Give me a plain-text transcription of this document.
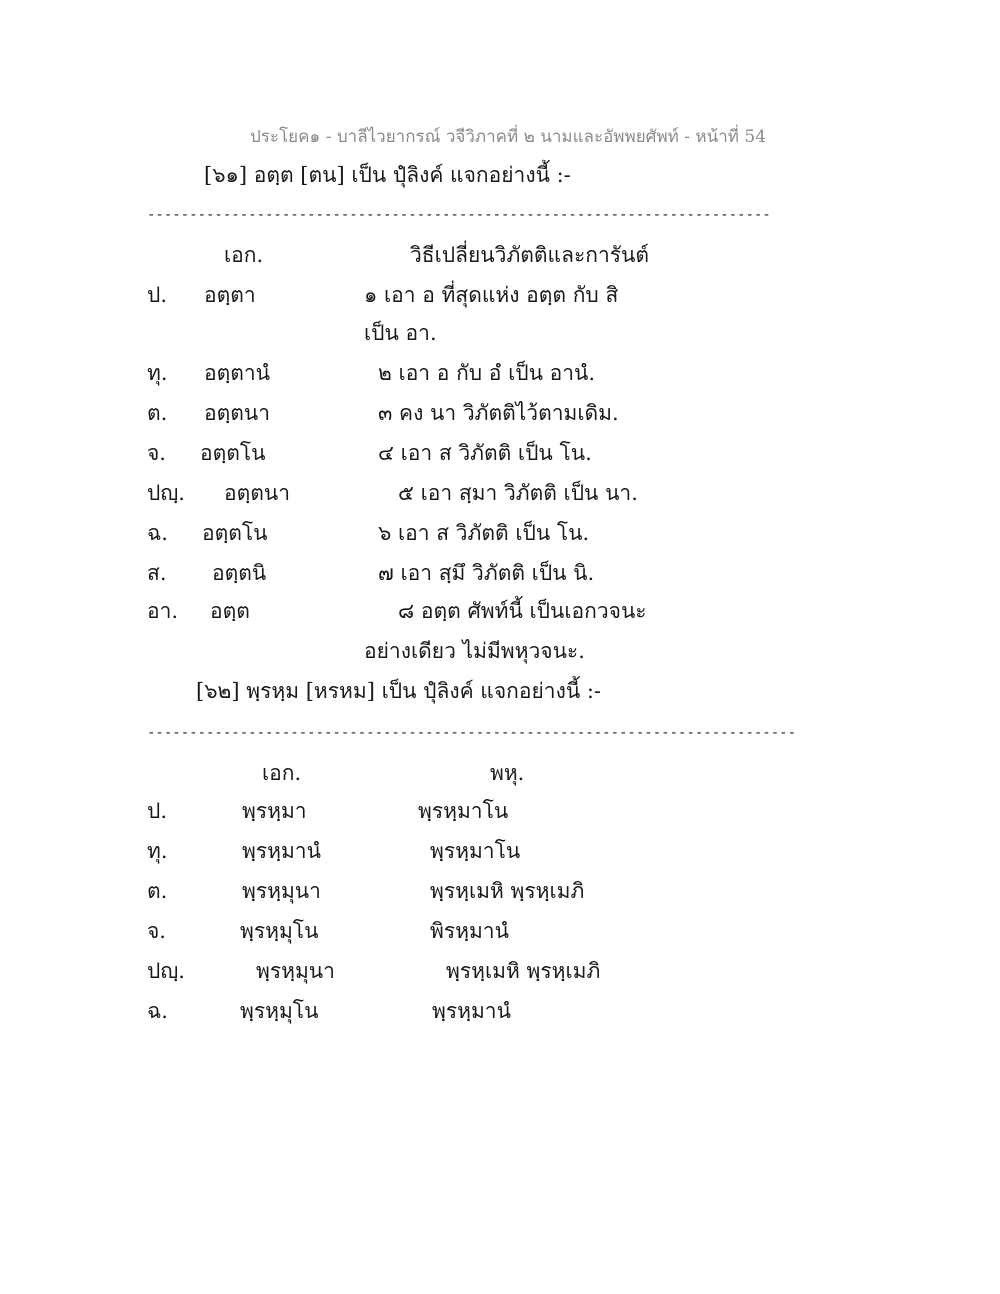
ประโยค๑ - บาลีไวยากรณ์ วจีวิภาคที่ ๒ นามและอัพพยศัพท์ - หน้าที่ 54
[๖๑] อตฺต [ตน] เป็น ปุํลิงค์ แจกอย่างนี้ :-
--------------------------------------------------------------------------
เอก.	วิธีเปลี่ยนวิภัตติและการันต์
ป. อตฺตา	๑ เอา อ ที่สุดแห่ง อตฺต กับ สิ
เป็น อา.
ทุ. อตฺตานํ	๒ เอา อ กับ อํ เป็น อานํ.
ต. อตฺตนา	๓ คง นา วิภัตติไว้ตามเดิม.
จ. อตฺตโน	๔ เอา ส วิภัตติ เป็น โน.
ปญฺ. อตฺตนา	๕ เอา สฺมา วิภัตติ เป็น นา.
ฉ. อตฺตโน	๖ เอา ส วิภัตติ เป็น โน.
ส. อตฺตนิ	๗ เอา สฺมึ วิภัตติ เป็น นิ.
อา. อตฺต	๘ อตฺต ศัพท์นี้ เป็นเอกวจนะ
อย่างเดียว ไม่มีพหุวจนะ.
[๖๒] พฺรหฺม [หรหม] เป็น ปุํลิงค์ แจกอย่างนี้ :-
-----------------------------------------------------------------------------
เอก.	พหุ.
ป.	พฺรหฺมา	พฺรหฺมาโน
ทุ.	พฺรหฺมานํ	พฺรหฺมาโน
ต.	พฺรหฺมุนา	พฺรหฺเมหิ พฺรหฺเมภิ
จ.	พฺรหฺมุโน	พิรหฺมานํ
ปญฺ.	พฺรหฺมุนา	พฺรหฺเมหิ พฺรหฺเมภิ
ฉ.	พฺรหฺมุโน	พฺรหฺมานํ
